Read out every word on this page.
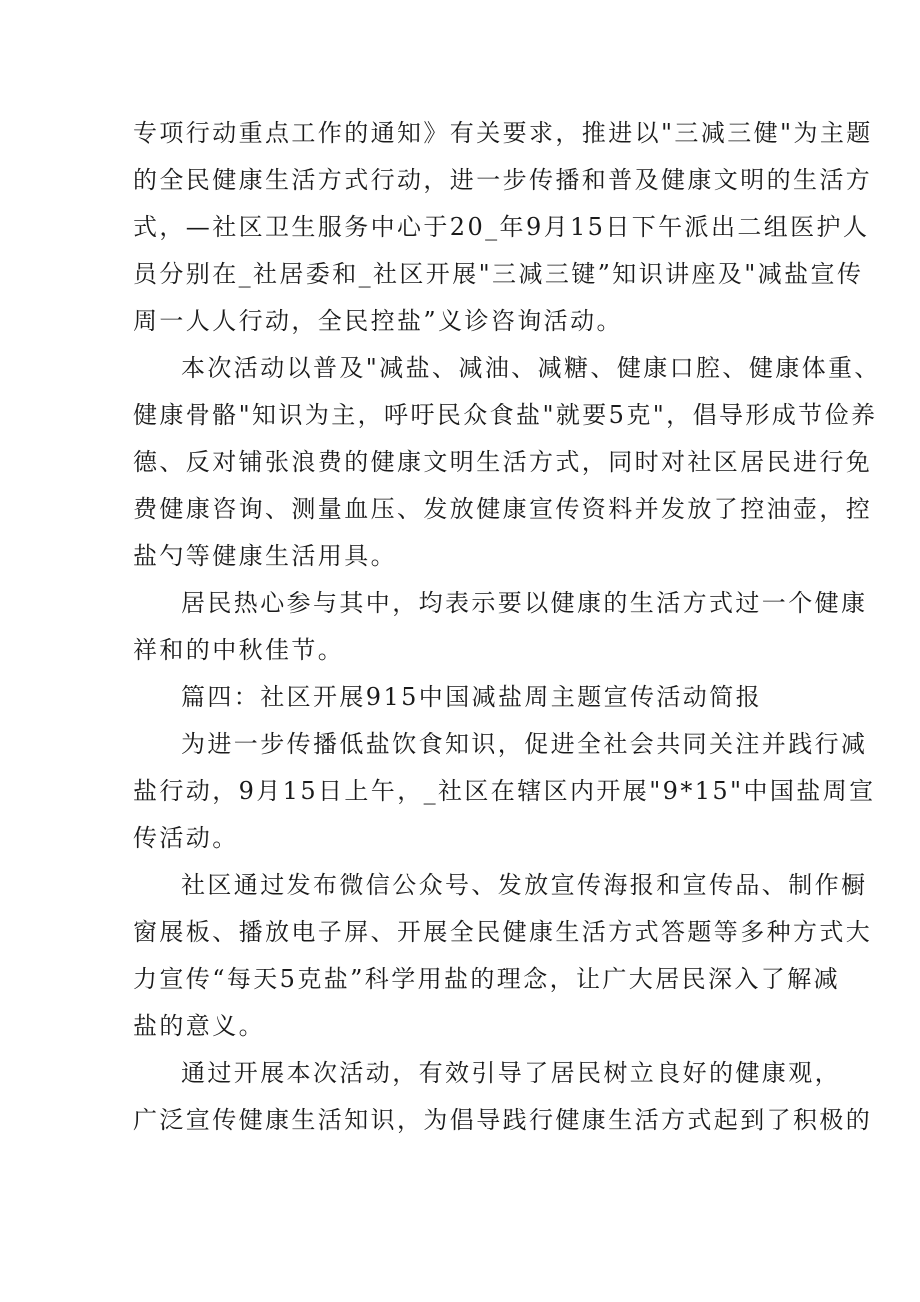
专项行动重点工作的通知》有关要求，推进以"三减三健"为主题
的全民健康生活方式行动，进一步传播和普及健康文明的生活方
式，—社区卫生服务中心于20_年9月15日下午派出二组医护人
员分别在_社居委和_社区开展"三减三键”知识讲座及"减盐宣传
周一人人行动，全民控盐”义诊咨询活动。
本次活动以普及"减盐、减油、减糖、健康口腔、健康体重、
健康骨骼"知识为主，呼吁民众食盐"就要5克"，倡导形成节俭养
德、反对铺张浪费的健康文明生活方式，同时对社区居民进行免
费健康咨询、测量血压、发放健康宣传资料并发放了控油壶，控
盐勺等健康生活用具。
居民热心参与其中，均表示要以健康的生活方式过一个健康
祥和的中秋佳节。
篇四：社区开展915中国减盐周主题宣传活动简报
为进一步传播低盐饮食知识，促进全社会共同关注并践行减
盐行动，9月15日上午，_社区在辖区内开展"9*15"中国盐周宣
传活动。
社区通过发布微信公众号、发放宣传海报和宣传品、制作橱
窗展板、播放电子屏、开展全民健康生活方式答题等多种方式大
力宣传“每天5克盐”科学用盐的理念，让广大居民深入了解减
盐的意义。
通过开展本次活动，有效引导了居民树立良好的健康观，
广泛宣传健康生活知识，为倡导践行健康生活方式起到了积极的
